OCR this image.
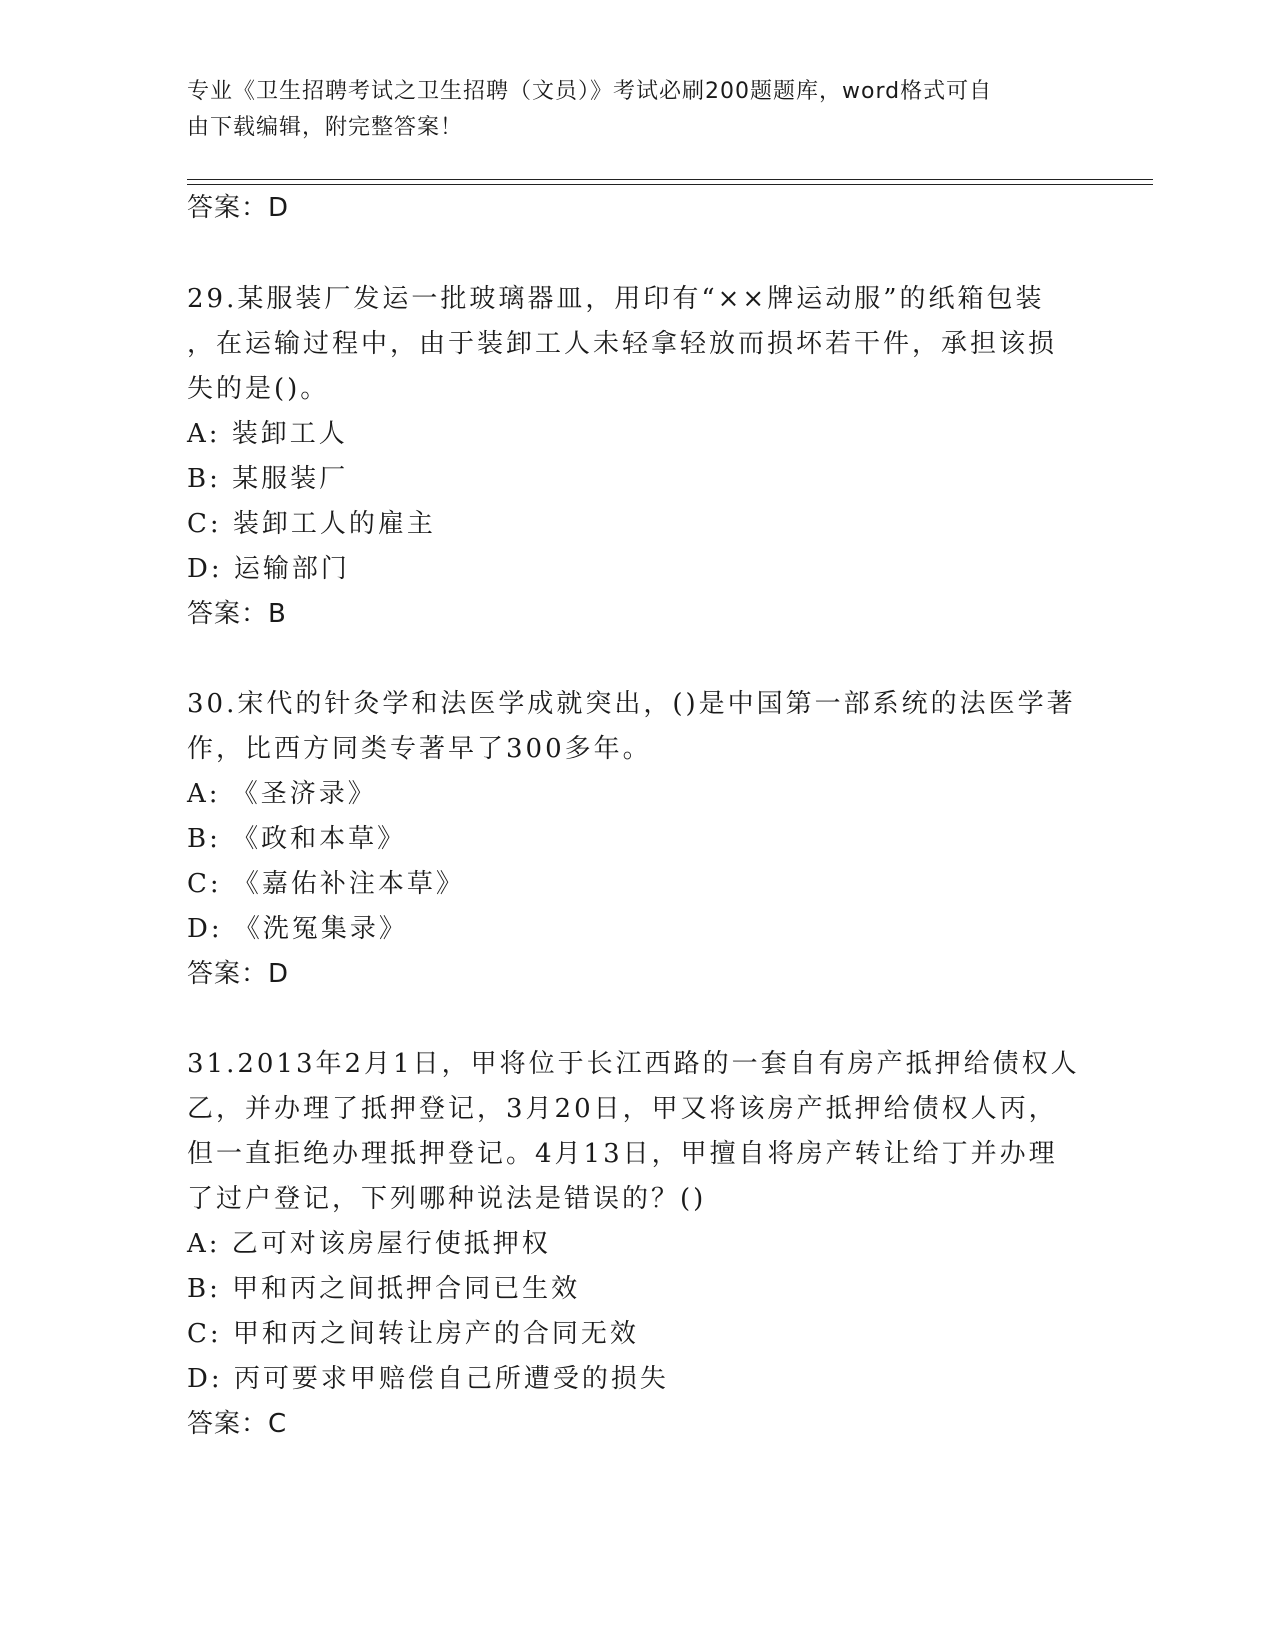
专业《卫生招聘考试之卫生招聘（文员）》考试必刷200题题库，word格式可自
由下载编辑，附完整答案！
答案：D
29.某服装厂发运一批玻璃器皿，用印有“××牌运动服”的纸箱包装
，在运输过程中，由于装卸工人未轻拿轻放而损坏若干件，承担该损
失的是()。
A: 装卸工人
B: 某服装厂
C: 装卸工人的雇主
D: 运输部门
答案：B
30.宋代的针灸学和法医学成就突出，()是中国第一部系统的法医学著
作，比西方同类专著早了300多年。
A: 《圣济录》
B: 《政和本草》
C: 《嘉佑补注本草》
D: 《洗冤集录》
答案：D
31.2013年2月1日，甲将位于长江西路的一套自有房产抵押给债权人
乙，并办理了抵押登记，3月20日，甲又将该房产抵押给债权人丙，
但一直拒绝办理抵押登记。4月13日，甲擅自将房产转让给丁并办理
了过户登记，下列哪种说法是错误的？()
A: 乙可对该房屋行使抵押权
B: 甲和丙之间抵押合同已生效
C: 甲和丙之间转让房产的合同无效
D: 丙可要求甲赔偿自己所遭受的损失
答案：C
